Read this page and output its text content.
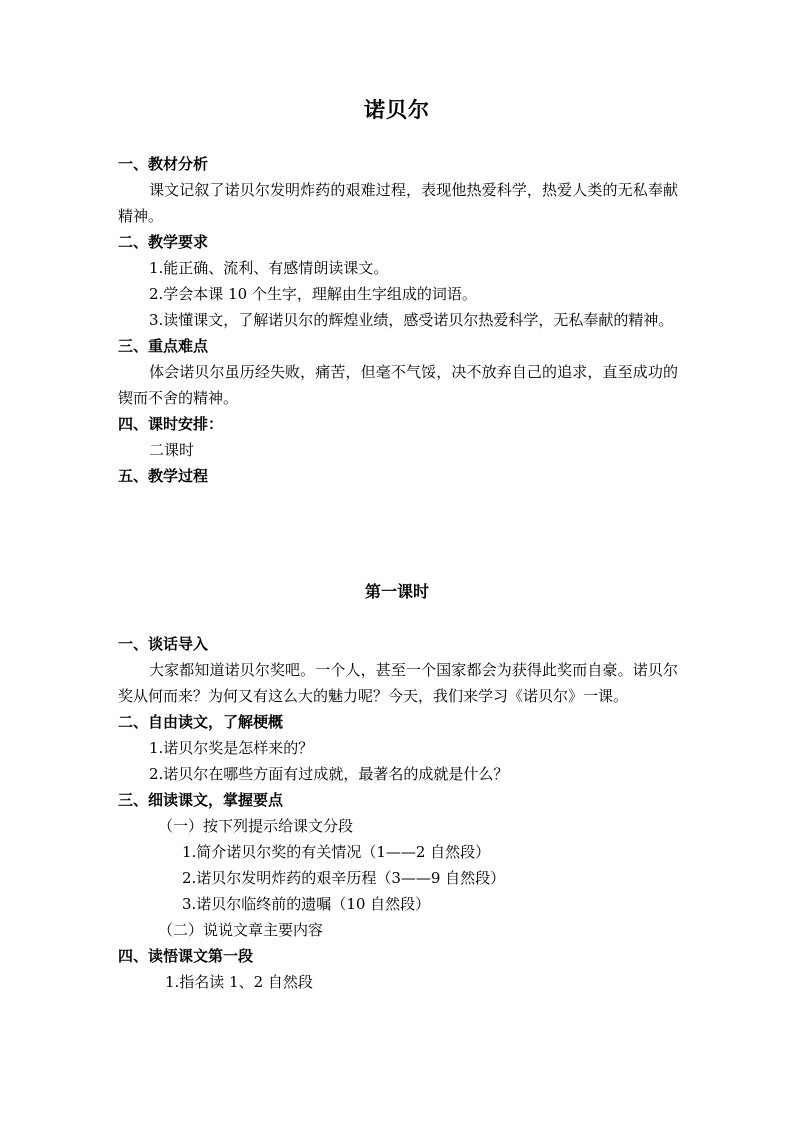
诺贝尔
一、教材分析
课文记叙了诺贝尔发明炸药的艰难过程，表现他热爱科学，热爱人类的无私奉献精神。
二、教学要求
1.能正确、流利、有感情朗读课文。
2.学会本课 10 个生字，理解由生字组成的词语。
3.读懂课文，了解诺贝尔的辉煌业绩，感受诺贝尔热爱科学，无私奉献的精神。
三、重点难点
体会诺贝尔虽历经失败，痛苦，但毫不气馁，决不放弃自己的追求，直至成功的锲而不舍的精神。
四、课时安排：
二课时
五、教学过程
第一课时
一、谈话导入
大家都知道诺贝尔奖吧。一个人，甚至一个国家都会为获得此奖而自豪。诺贝尔奖从何而来？为何又有这么大的魅力呢？今天，我们来学习《诺贝尔》一课。
二、自由读文，了解梗概
1.诺贝尔奖是怎样来的？
2.诺贝尔在哪些方面有过成就，最著名的成就是什么？
三、细读课文，掌握要点
（一）按下列提示给课文分段
1.简介诺贝尔奖的有关情况（1——2 自然段）
2.诺贝尔发明炸药的艰辛历程（3——9 自然段）
3.诺贝尔临终前的遗嘱（10 自然段）
（二）说说文章主要内容
四、读悟课文第一段
1.指名读 1、2 自然段
